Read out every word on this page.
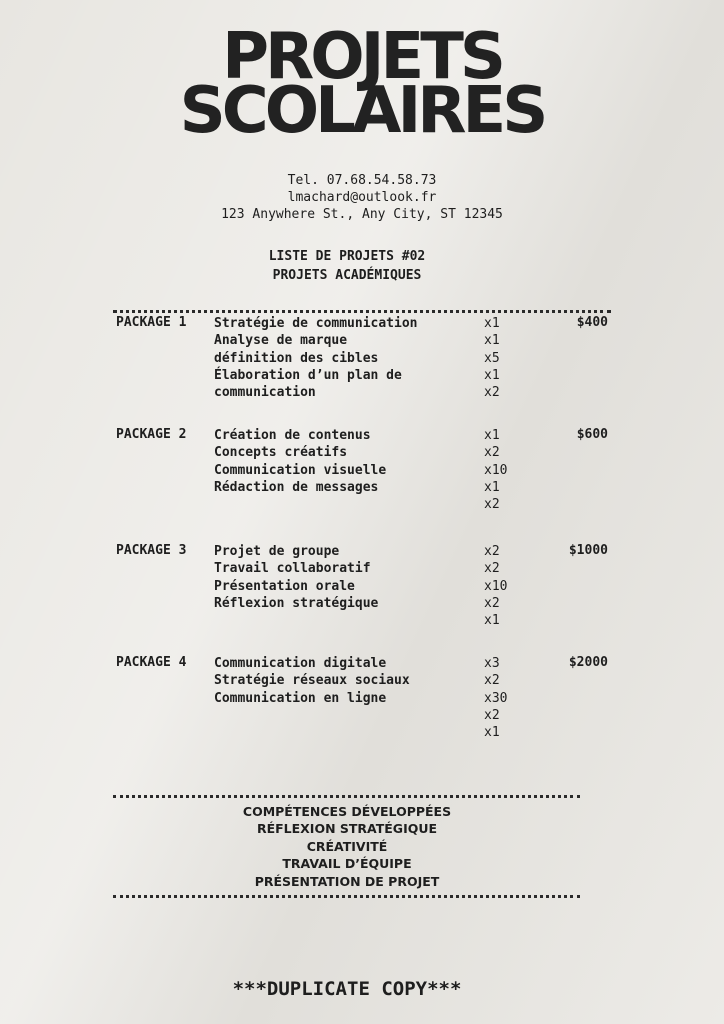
PROJETS
SCOLAIRES
Tel. 07.68.54.58.73
lmachard@outlook.fr
123 Anywhere St., Any City, ST 12345
LISTE DE PROJETS #02
PROJETS ACADÉMIQUES
PACKAGE 1 Stratégie de communication
Analyse de marque
définition des cibles
Élaboration d’un plan de
communication
x1
x1
x5
x1
x2
$400
PACKAGE 2 Création de contenus
Concepts créatifs
Communication visuelle
Rédaction de messages
x1
x2
x10
x1
x2
$600
PACKAGE 3 Projet de groupe
Travail collaboratif
Présentation orale
Réflexion stratégique
x2
x2
x10
x2
x1
$1000
PACKAGE 4 Communication digitale
Stratégie réseaux sociaux
Communication en ligne
x3
x2
x30
x2
x1
$2000
COMPÉTENCES DÉVELOPPÉES
RÉFLEXION STRATÉGIQUE
CRÉATIVITÉ
TRAVAIL D’ÉQUIPE
PRÉSENTATION DE PROJET
***DUPLICATE COPY***
